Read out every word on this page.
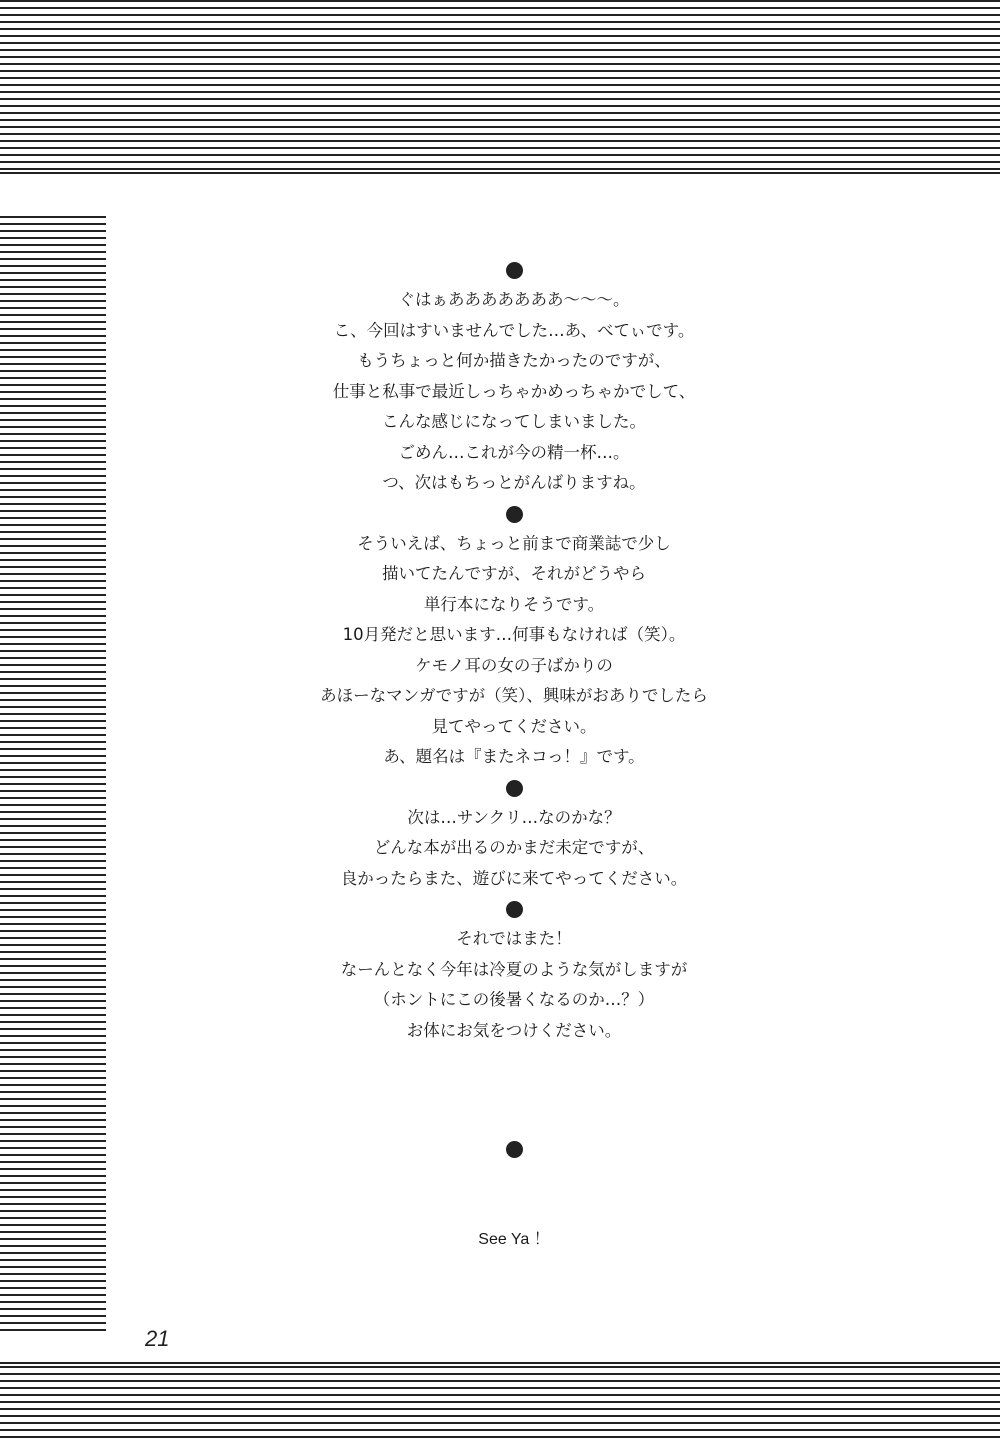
ぐはぁあああああああ〜〜〜。
こ、今回はすいませんでした…あ、べてぃです。
もうちょっと何か描きたかったのですが、
仕事と私事で最近しっちゃかめっちゃかでして、
こんな感じになってしまいました。
ごめん…これが今の精一杯…。
つ、次はもちっとがんばりますね。
そういえば、ちょっと前まで商業誌で少し
描いてたんですが、それがどうやら
単行本になりそうです。
10月発だと思います…何事もなければ（笑）。
ケモノ耳の女の子ばかりの
あほーなマンガですが（笑）、興味がおありでしたら
見てやってください。
あ、題名は『またネコっ！』です。
次は…サンクリ…なのかな？
どんな本が出るのかまだ未定ですが、
良かったらまた、遊びに来てやってください。
それではまた！
なーんとなく今年は冷夏のような気がしますが
（ホントにこの後暑くなるのか…？）
お体にお気をつけください。
See Ya ！
21
